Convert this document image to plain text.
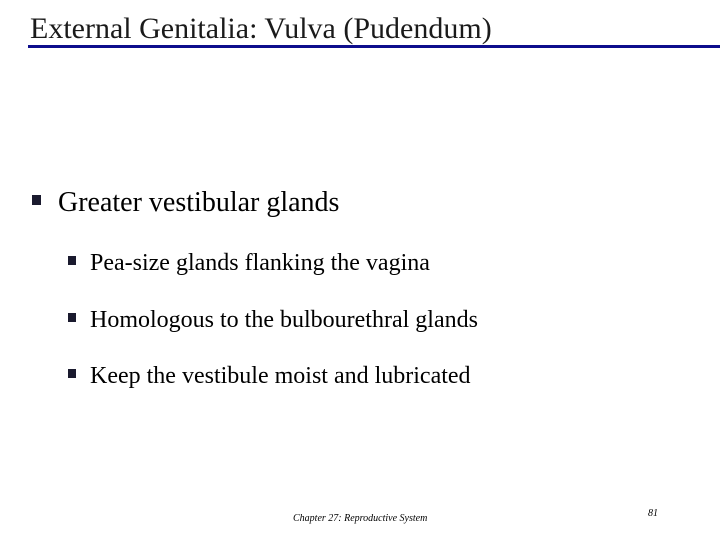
External Genitalia: Vulva (Pudendum)
Greater vestibular glands
Pea-size glands flanking the vagina
Homologous to the bulbourethral glands
Keep the vestibule moist and lubricated
Chapter 27: Reproductive System	81
